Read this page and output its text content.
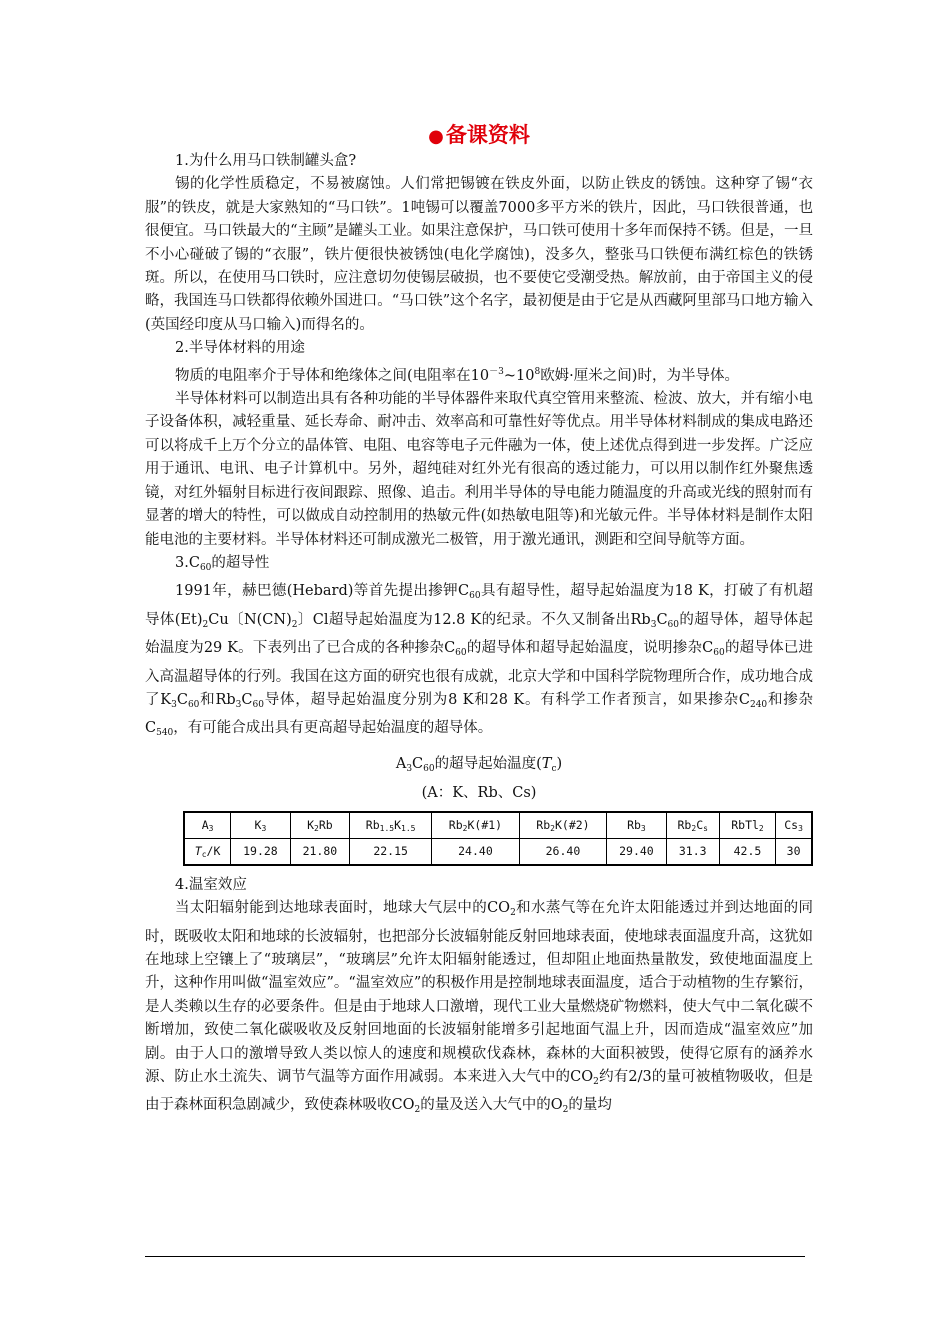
●备课资料

1.为什么用马口铁制罐头盒?

锡的化学性质稳定，不易被腐蚀。人们常把锡镀在铁皮外面，以防止铁皮的锈蚀。这种穿了锡“衣服”的铁皮，就是大家熟知的“马口铁”。1吨锡可以覆盖7000多平方米的铁片，因此，马口铁很普通，也很便宜。马口铁最大的“主顾”是罐头工业。如果注意保护，马口铁可使用十多年而保持不锈。但是，一旦不小心碰破了锡的“衣服”，铁片便很快被锈蚀(电化学腐蚀)，没多久，整张马口铁便布满红棕色的铁锈斑。所以，在使用马口铁时，应注意切勿使锡层破损，也不要使它受潮受热。解放前，由于帝国主义的侵略，我国连马口铁都得依赖外国进口。“马口铁”这个名字，最初便是由于它是从西藏阿里部马口地方输入(英国经印度从马口输入)而得名的。

2.半导体材料的用途

物质的电阻率介于导体和绝缘体之间(电阻率在$10^{-3}\sim 10^8$欧姆·厘米之间)时，为半导体。

半导体材料可以制造出具有各种功能的半导体器件来取代真空管用来整流、检波、放大，并有缩小电子设备体积，减轻重量、延长寿命、耐冲击、效率高和可靠性好等优点。用半导体材料制成的集成电路还可以将成千上万个分立的晶体管、电阻、电容等电子元件融为一体，使上述优点得到进一步发挥。广泛应用于通讯、电讯、电子计算机中。另外，超纯硅对红外光有很高的透过能力，可以用以制作红外聚焦透镜，对红外辐射目标进行夜间跟踪、照像、追击。利用半导体的导电能力随温度的升高或光线的照射而有显著的增大的特性，可以做成自动控制用的热敏元件(如热敏电阻等)和光敏元件。半导体材料是制作太阳能电池的主要材料。半导体材料还可制成激光二极管，用于激光通讯，测距和空间导航等方面。

$3.C_{60}$的超导性

1991年，赫巴德(Hebard)等首先提出掺钾$C_{60}$具有超导性，超导起始温度为18 K，打破了有机超导体$(Et)_2Cu$〔$N(CN)_2$〕Cl超导起始温度为12.8 K的纪录。不久又制备出$Rb_3C_{60}$的超导体，超导体起始温度为29 K。下表列出了已合成的各种掺杂$C_{60}$的超导体和超导起始温度，说明掺杂$C_{60}$的超导体已进入高温超导体的行列。我国在这方面的研究也很有成就，北京大学和中国科学院物理所合作，成功地合成了$K_3C_{60}$和$Rb_3C_{60}$导体，超导起始温度分别为8 K和28 K。有科学工作者预言，如果掺杂$C_{240}$和掺杂$C_{540}$，有可能合成出具有更高超导起始温度的超导体。

$A_3C_{60}$的超导起始温度$(T_c)$

(A：K、Rb、Cs)

A3	K3	K2Rb	Rb1.5K1.5	Rb2K(#1)	Rb2K(#2)	Rb3	Rb2Cs	RbTl2	Cs3
Tc/K	19.28	21.80	22.15	24.40	26.40	29.40	31.3	42.5	30

4.温室效应

当太阳辐射能到达地球表面时，地球大气层中的$CO_2$和水蒸气等在允许太阳能透过并到达地面的同时，既吸收太阳和地球的长波辐射，也把部分长波辐射能反射回地球表面，使地球表面温度升高，这犹如在地球上空镶上了“玻璃层”，“玻璃层”允许太阳辐射能透过，但却阻止地面热量散发，致使地面温度上升，这种作用叫做“温室效应”。“温室效应”的积极作用是控制地球表面温度，适合于动植物的生存繁衍，是人类赖以生存的必要条件。但是由于地球人口激增，现代工业大量燃烧矿物燃料，使大气中二氧化碳不断增加，致使二氧化碳吸收及反射回地面的长波辐射能增多引起地面气温上升，因而造成“温室效应”加剧。由于人口的激增导致人类以惊人的速度和规模砍伐森林，森林的大面积被毁，使得它原有的涵养水源、防止水土流失、调节气温等方面作用减弱。本来进入大气中的$CO_2$约有2/3的量可被植物吸收，但是由于森林面积急剧减少，致使森林吸收$CO_2$的量及送入大气中的$O_2$的量均
